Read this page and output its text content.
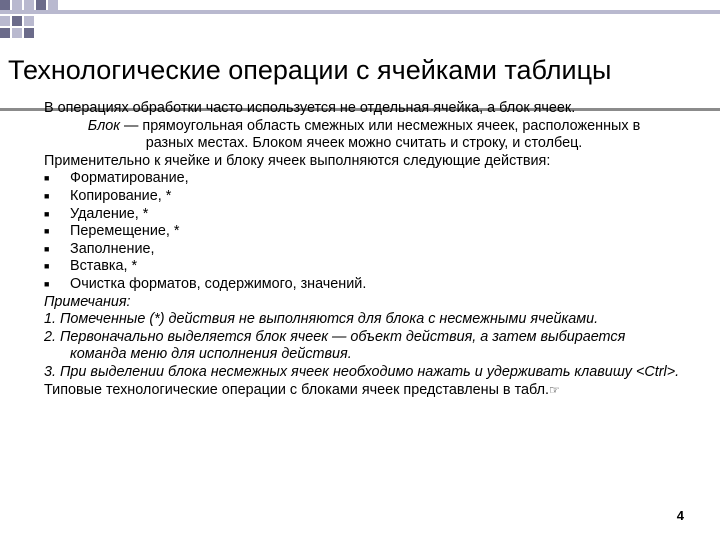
Технологические операции с ячейками таблицы

В операциях обработки часто используется не отдельная ячейка, а блок ячеек.

Блок — прямоугольная область смежных или несмежных ячеек, расположенных в

разных местах. Блоком ячеек можно считать и строку, и столбец.

Применительно к ячейке и блоку ячеек выполняются следующие действия:

■	Форматирование,
■	Копирование, *
■	Удаление, *
■	Перемещение, *
■	Заполнение,
■	Вставка, *
■	Очистка форматов, содержимого, значений.

Примечания:

1. Помеченные (*) действия не выполняются для блока с несмежными ячейками.

2. Первоначально выделяется блок ячеек — объект действия, а затем выбирается команда меню для исполнения действия.

3. При выделении блока несмежных ячеек необходимо нажать и удерживать клавишу <Ctrl>.

Типовые технологические операции с блоками ячеек представлены в табл.☞

4
